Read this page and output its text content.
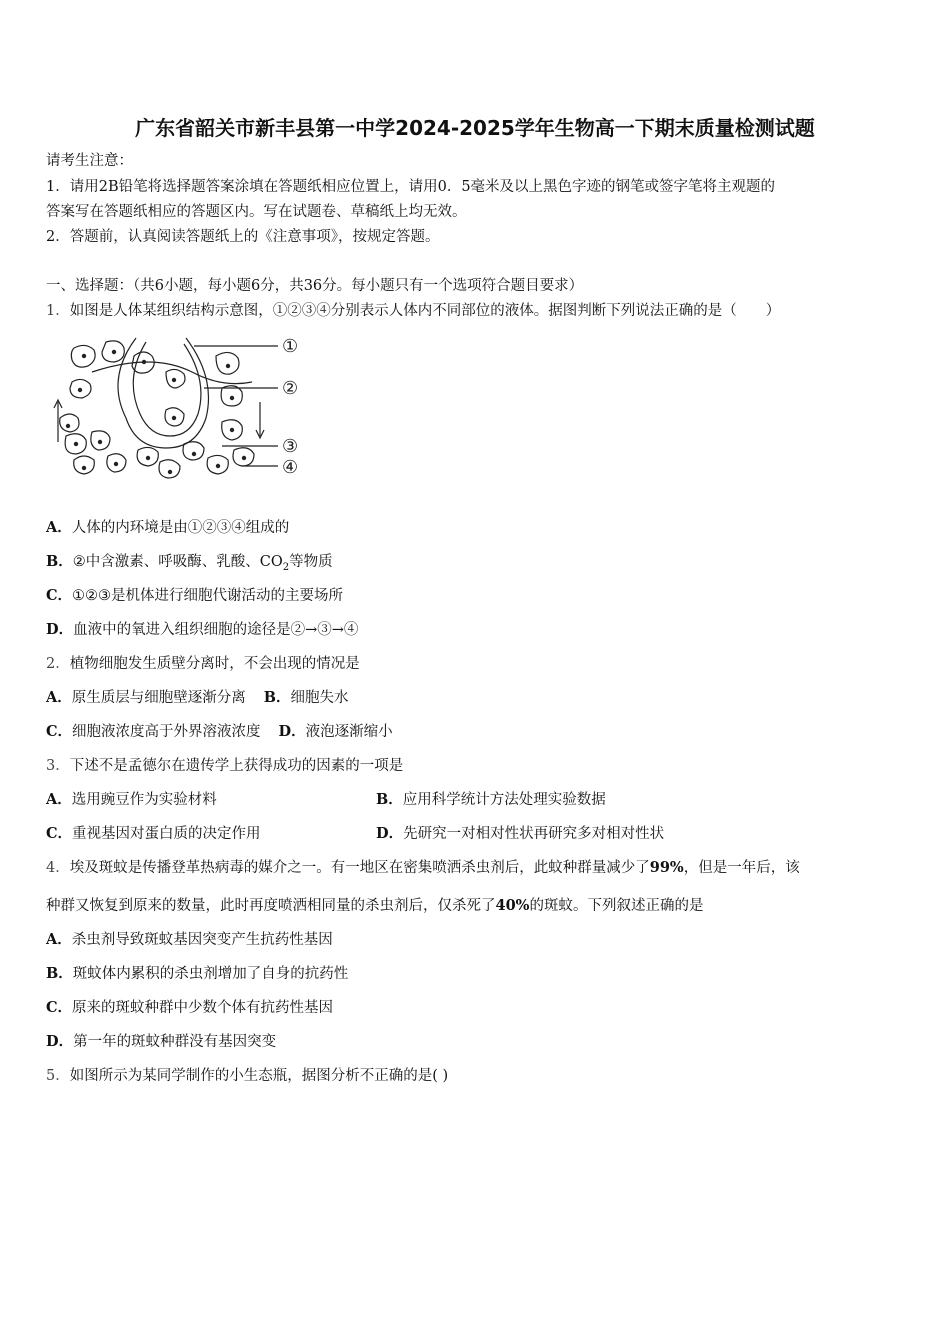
广东省韶关市新丰县第一中学2024-2025学年生物高一下期末质量检测试题
请考生注意：
1．请用2B铅笔将选择题答案涂填在答题纸相应位置上，请用0．5毫米及以上黑色字迹的钢笔或签字笔将主观题的
答案写在答题纸相应的答题区内。写在试题卷、草稿纸上均无效。
2．答题前，认真阅读答题纸上的《注意事项》，按规定答题。
一、选择题：（共6小题，每小题6分，共36分。每小题只有一个选项符合题目要求）
1．如图是人体某组织结构示意图，①②③④分别表示人体内不同部位的液体。据图判断下列说法正确的是（　　）
①
②
③
④
A．人体的内环境是由①②③④组成的
B．②中含激素、呼吸酶、乳酸、$CO_2$等物质
C．①②③是机体进行细胞代谢活动的主要场所
D．血液中的氧进入组织细胞的途径是②→③→④
2．植物细胞发生质壁分离时，不会出现的情况是
A．原生质层与细胞壁逐渐分离 B．细胞失水
C．细胞液浓度高于外界溶液浓度 D．液泡逐渐缩小
3．下述不是孟德尔在遗传学上获得成功的因素的一项是
A．选用豌豆作为实验材料	B．应用科学统计方法处理实验数据
C．重视基因对蛋白质的决定作用	D．先研究一对相对性状再研究多对相对性状
4．埃及斑蚊是传播登革热病毒的媒介之一。有一地区在密集喷洒杀虫剂后，此蚊种群量减少了99%，但是一年后，该
种群又恢复到原来的数量，此时再度喷洒相同量的杀虫剂后，仅杀死了40%的斑蚊。下列叙述正确的是
A．杀虫剂导致斑蚊基因突变产生抗药性基因
B．斑蚊体内累积的杀虫剂增加了自身的抗药性
C．原来的斑蚊种群中少数个体有抗药性基因
D．第一年的斑蚊种群没有基因突变
5．如图所示为某同学制作的小生态瓶，据图分析不正确的是( )
